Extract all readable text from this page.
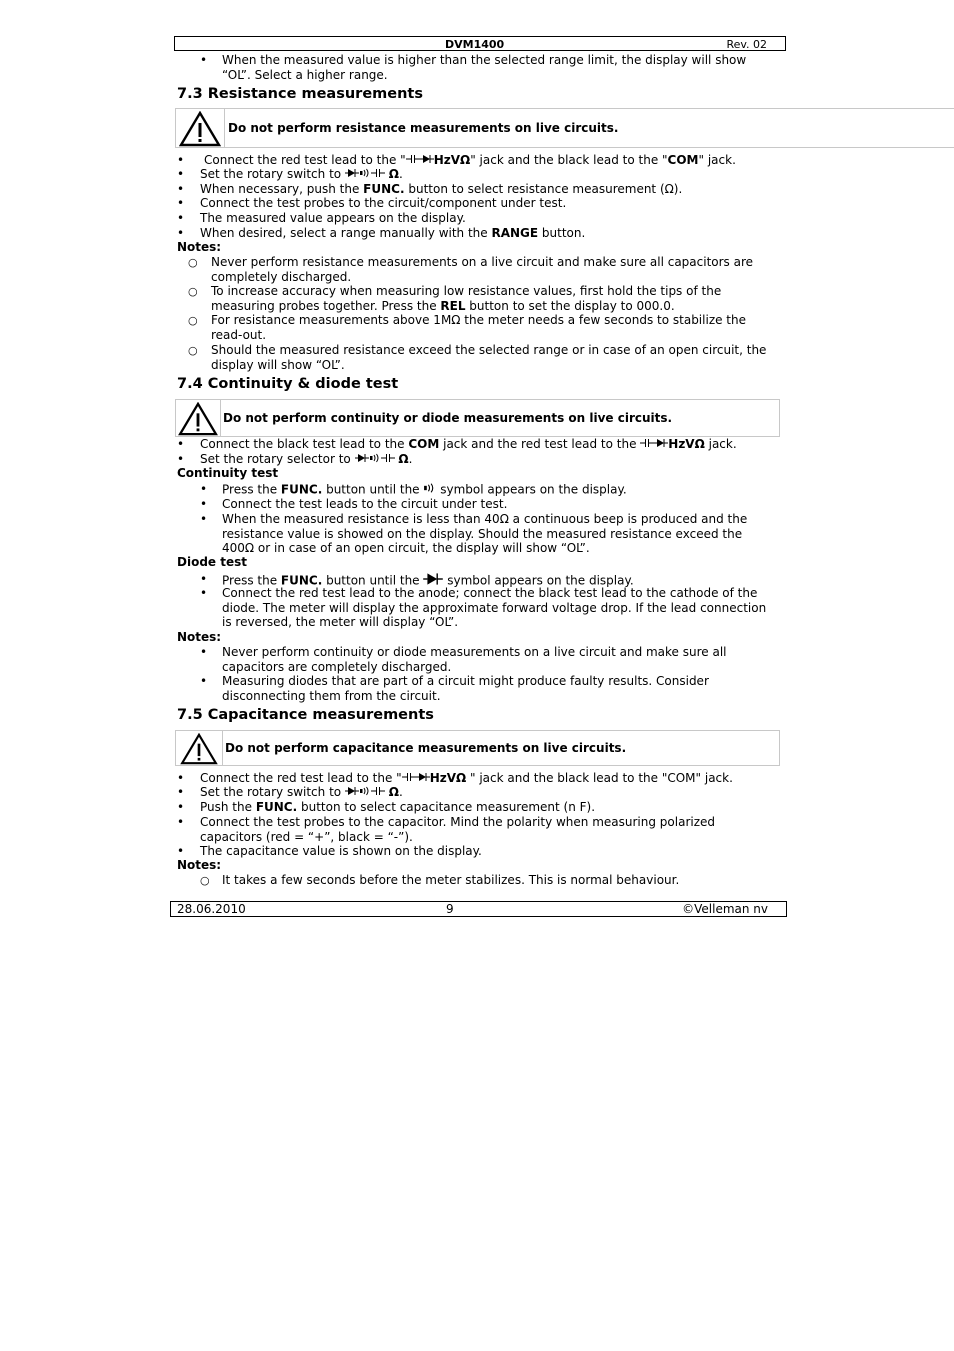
DVM1400	Rev. 02
• When the measured value is higher than the selected range limit, the display will show
“OL”. Select a higher range.
7.3 Resistance measurements
Do not perform resistance measurements on live circuits.
• Connect the red test lead to the " HzVΩ" jack and the black lead to the "COM" jack.
• Set the rotary switch to	Ω.
• When necessary, push the FUNC. button to select resistance measurement (Ω).
• Connect the test probes to the circuit/component under test.
• The measured value appears on the display.
• When desired, select a range manually with the RANGE button.
Notes:
○ Never perform resistance measurements on a live circuit and make sure all capacitors are
completely discharged.
○ To increase accuracy when measuring low resistance values, first hold the tips of the
measuring probes together. Press the REL button to set the display to 000.0.
○ For resistance measurements above 1MΩ the meter needs a few seconds to stabilize the
read-out.
○ Should the measured resistance exceed the selected range or in case of an open circuit, the
display will show “OL”.
7.4 Continuity & diode test
Do not perform continuity or diode measurements on live circuits.
• Connect the black test lead to the COM jack and the red test lead to the HzVΩ jack.
• Set the rotary selector to	Ω.
Continuity test
• Press the FUNC. button until the  symbol appears on the display.
• Connect the test leads to the circuit under test.
• When the measured resistance is less than 40Ω a continuous beep is produced and the
resistance value is showed on the display. Should the measured resistance exceed the
400Ω or in case of an open circuit, the display will show “OL”.
Diode test
• Press the FUNC. button until the  symbol appears on the display.
• Connect the red test lead to the anode; connect the black test lead to the cathode of the
diode. The meter will display the approximate forward voltage drop. If the lead connection
is reversed, the meter will display “OL”.
Notes:
• Never perform continuity or diode measurements on a live circuit and make sure all
capacitors are completely discharged.
• Measuring diodes that are part of a circuit might produce faulty results. Consider
disconnecting them from the circuit.
7.5 Capacitance measurements
Do not perform capacitance measurements on live circuits.
• Connect the red test lead to the " HzVΩ " jack and the black lead to the "COM" jack.
• Set the rotary switch to	Ω.
• Push the FUNC. button to select capacitance measurement (n F).
• Connect the test probes to the capacitor. Mind the polarity when measuring polarized
capacitors (red = “+”, black = “-”).
• The capacitance value is shown on the display.
Notes:
○ It takes a few seconds before the meter stabilizes. This is normal behaviour.
28.06.2010	9	©Velleman nv
